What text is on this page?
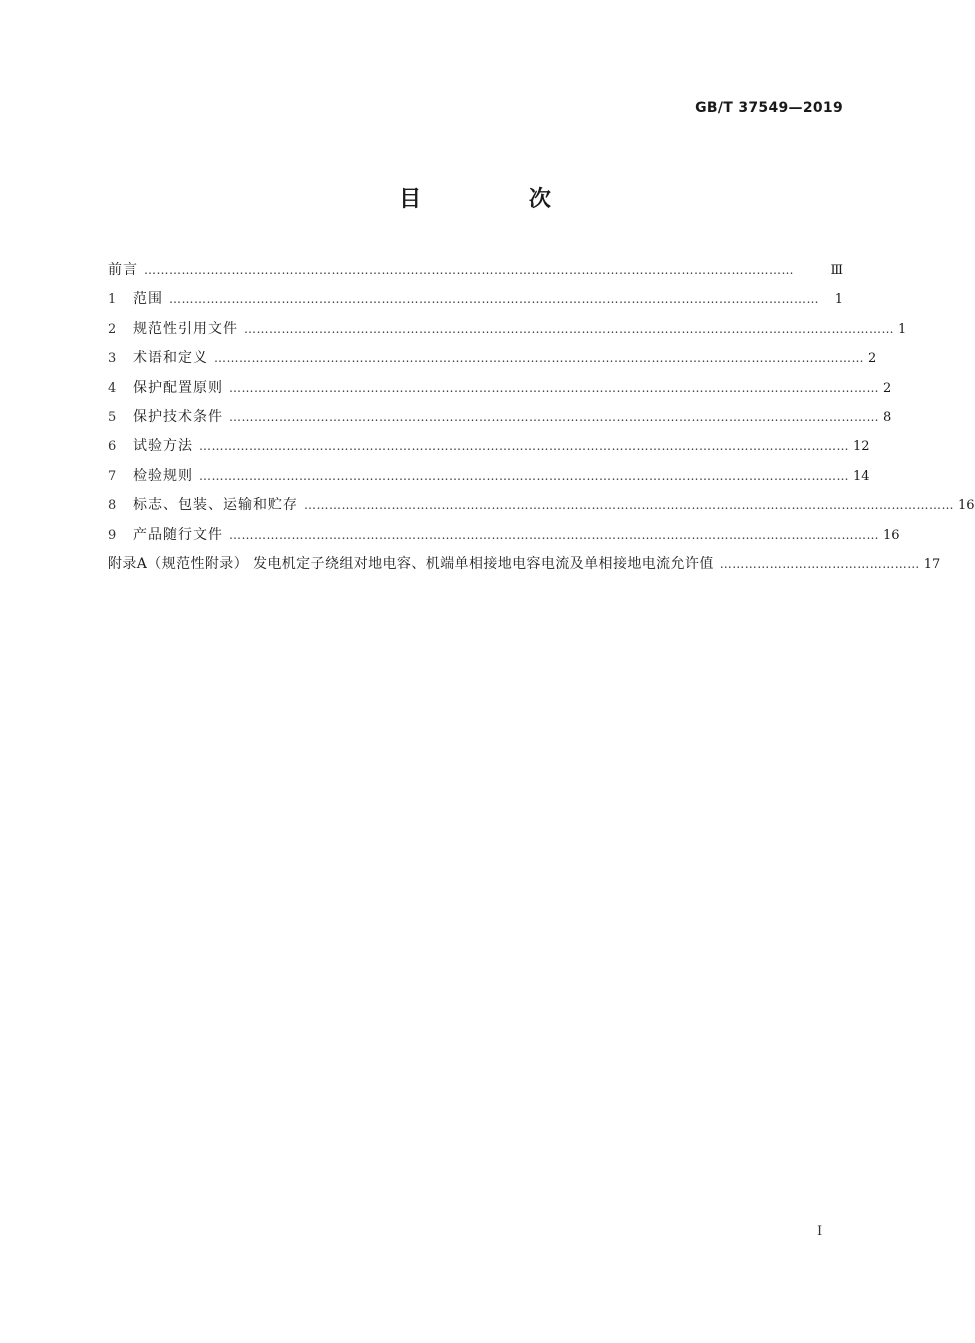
GB/T 37549—2019
目 次
前言 …………………………………………………………………………………………………………………………………………	Ⅲ
1	范围 …………………………………………………………………………………………………………………………………………	1
2	规范性引用文件 ………………………………………………………………………………………………………………………………………… 1
3	术语和定义 ………………………………………………………………………………………………………………………………………… 2
4	保护配置原则 ………………………………………………………………………………………………………………………………………… 2
5	保护技术条件 ………………………………………………………………………………………………………………………………………… 8
6	试验方法 ………………………………………………………………………………………………………………………………………… 12
7	检验规则 ………………………………………………………………………………………………………………………………………… 14
8	标志、包装、运输和贮存 ………………………………………………………………………………………………………………………………………… 16
9	产品随行文件 ………………………………………………………………………………………………………………………………………… 16
附录A（规范性附录） 发电机定子绕组对地电容、机端单相接地电容电流及单相接地电流允许值 ………………………………………… 17
I
